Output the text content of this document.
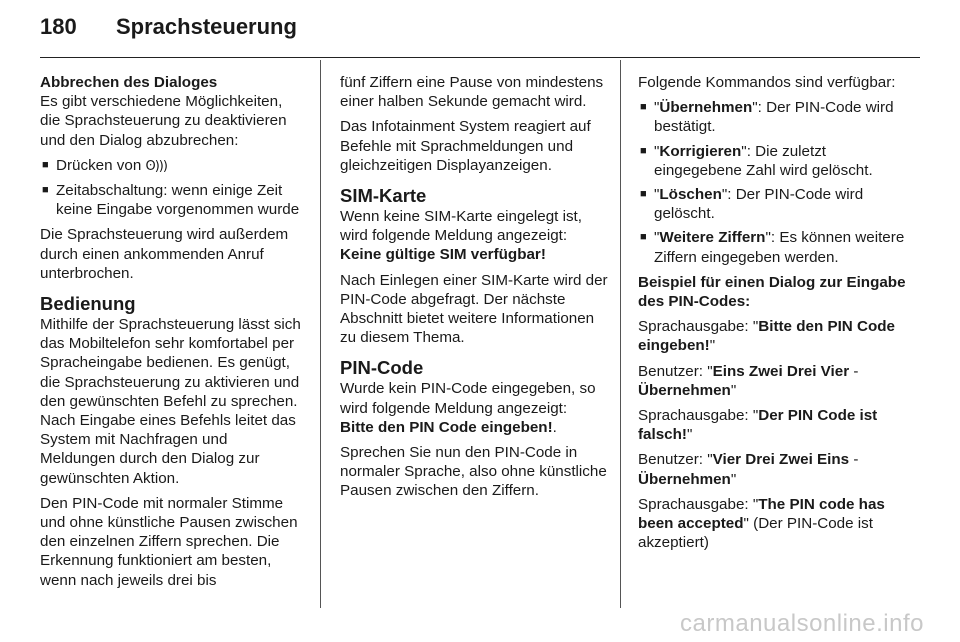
180	Sprachsteuerung
Abbrechen des Dialoges

Es gibt verschiedene Möglichkeiten, die Sprachsteuerung zu deaktivieren und den Dialog abzubrechen:

■ Drücken von ʘ)))
■ Zeitabschaltung: wenn einige Zeit keine Eingabe vorgenommen wurde

Die Sprachsteuerung wird außerdem durch einen ankommenden Anruf unterbrochen.

Bedienung

Mithilfe der Sprachsteuerung lässt sich das Mobiltelefon sehr komfortabel per Spracheingabe bedienen. Es genügt, die Sprachsteuerung zu aktivieren und den gewünschten Befehl zu sprechen. Nach Eingabe eines Befehls leitet das System mit Nachfragen und Meldungen durch den Dialog zur gewünschten Aktion.

Den PIN-Code mit normaler Stimme und ohne künstliche Pausen zwischen den einzelnen Ziffern sprechen. Die Erkennung funktioniert am besten, wenn nach jeweils drei bis

fünf Ziffern eine Pause von mindestens einer halben Sekunde gemacht wird.

Das Infotainment System reagiert auf Befehle mit Sprachmeldungen und gleichzeitigen Displayanzeigen.

SIM-Karte

Wenn keine SIM-Karte eingelegt ist, wird folgende Meldung angezeigt:
Keine gültige SIM verfügbar!

Nach Einlegen einer SIM-Karte wird der PIN-Code abgefragt. Der nächste Abschnitt bietet weitere Informationen zu diesem Thema.

PIN-Code

Wurde kein PIN-Code eingegeben, so wird folgende Meldung angezeigt:
Bitte den PIN Code eingeben!.

Sprechen Sie nun den PIN-Code in normaler Sprache, also ohne künstliche Pausen zwischen den Ziffern.

Folgende Kommandos sind verfügbar:

■ "Übernehmen": Der PIN-Code wird bestätigt.
■ "Korrigieren": Die zuletzt eingegebene Zahl wird gelöscht.
■ "Löschen": Der PIN-Code wird gelöscht.
■ "Weitere Ziffern": Es können weitere Ziffern eingegeben werden.

Beispiel für einen Dialog zur Eingabe des PIN-Codes:

Sprachausgabe: "Bitte den PIN Code eingeben!"

Benutzer: "Eins Zwei Drei Vier - Übernehmen"

Sprachausgabe: "Der PIN Code ist falsch!"

Benutzer: "Vier Drei Zwei Eins - Übernehmen"

Sprachausgabe: "The PIN code has been accepted" (Der PIN-Code ist akzeptiert)

carmanualsonline.info
